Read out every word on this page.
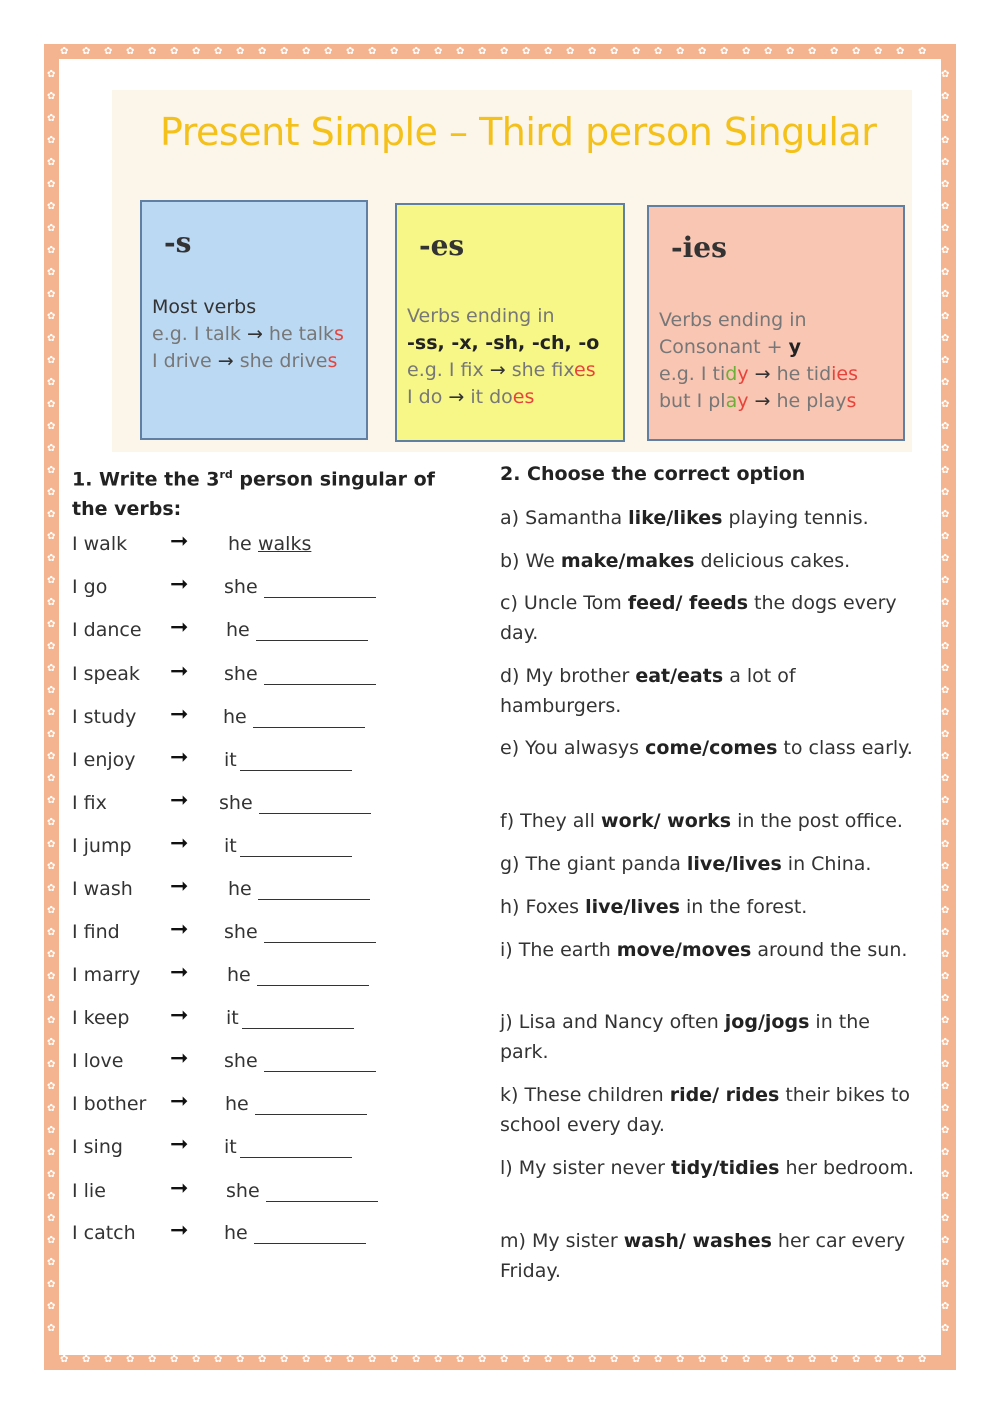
Present Simple – Third person Singular
-s
Most verbs
e.g. I talk → he talks
I drive → she drives
-es
Verbs ending in
-ss, -x, -sh, -ch, -o
e.g. I fix → she fixes
I do → it does
-ies
Verbs ending in
Consonant + y
e.g. I tidy → he tidies
but I play → he plays
1. Write the 3rd person singular of the verbs:
I walk ➞ he walks
I go	➞ she
I dance ➞ he
I speak ➞ she
I study ➞ he
I enjoy ➞ it
I fix	➞ she
I jump ➞ it
I wash ➞ he
I find ➞ she
I marry ➞ he
I keep ➞ it
I love ➞ she
I bother ➞ he
I sing ➞ it
I lie	➞ she
I catch ➞ he
2. Choose the correct option
a) Samantha like/likes playing tennis.
b) We make/makes delicious cakes.
c) Uncle Tom feed/ feeds the dogs every day.
d) My brother eat/eats a lot of hamburgers.
e) You alwasys come/comes to class early.
f) They all work/ works in the post office.
g) The giant panda live/lives in China.
h) Foxes live/lives in the forest.
i) The earth move/moves around the sun.
j) Lisa and Nancy often jog/jogs in the park.
k) These children ride/ rides their bikes to school every day.
l) My sister never tidy/tidies her bedroom.
m) My sister wash/ washes her car every Friday.
✿
✿
✿
✿
✿
✿
✿
✿
✿
✿
✿
✿
✿
✿
✿
✿
✿
✿
✿
✿
✿
✿
✿
✿
✿
✿
✿
✿
✿
✿
✿
✿
✿
✿
✿
✿
✿
✿
✿
✿
✿
✿
✿
✿
✿
✿
✿
✿
✿
✿
✿
✿
✿
✿
✿
✿
✿
✿
✿
✿
✿
✿
✿
✿
✿
✿
✿
✿
✿
✿
✿
✿
✿
✿
✿
✿
✿
✿
✿
✿
✿	✿
✿	✿
✿	✿
✿	✿
✿	✿
✿	✿
✿	✿
✿	✿
✿	✿
✿	✿
✿	✿
✿	✿
✿	✿
✿	✿
✿	✿
✿	✿
✿	✿
✿	✿
✿	✿
✿	✿
✿	✿
✿	✿
✿	✿
✿	✿
✿	✿
✿	✿
✿	✿
✿	✿
✿	✿
✿	✿
✿	✿
✿	✿
✿	✿
✿	✿
✿	✿
✿	✿
✿	✿
✿	✿
✿	✿
✿	✿
✿	✿
✿	✿
✿	✿
✿	✿
✿	✿
✿	✿
✿	✿
✿	✿
✿	✿
✿	✿
✿	✿
✿	✿
✿	✿
✿	✿
✿	✿
✿	✿
✿	✿
✿	✿
